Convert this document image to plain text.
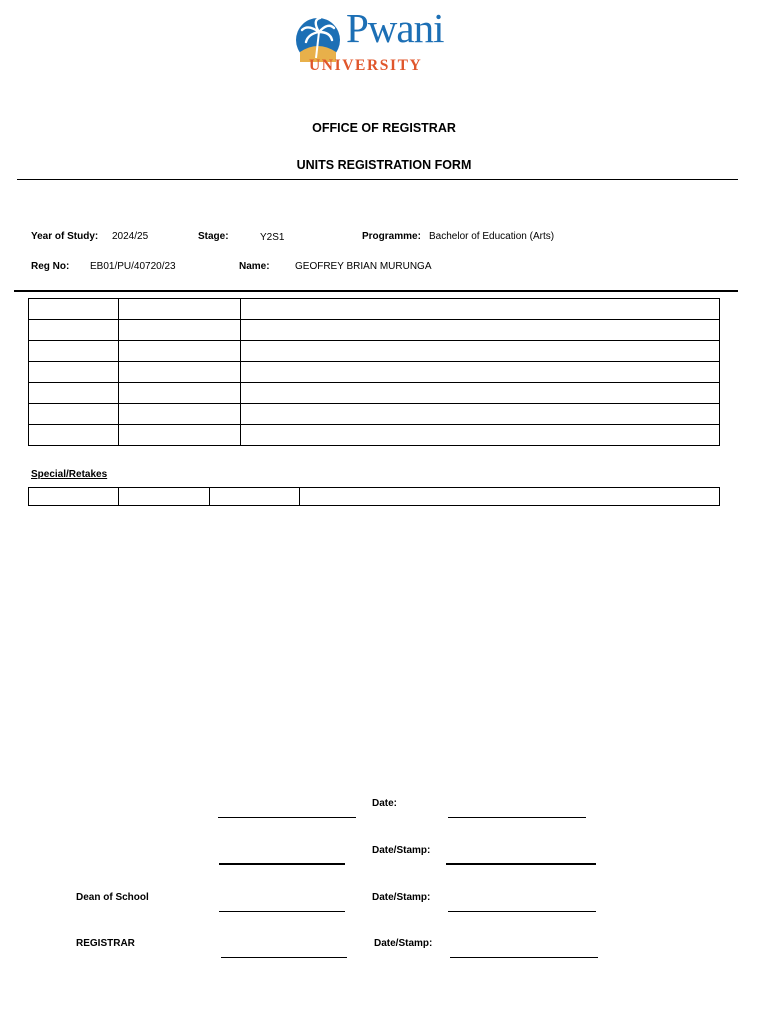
Pwani
UNIVERSITY
OFFICE OF REGISTRAR
UNITS REGISTRATION FORM
Year of Study: 2024/25	Stage:	Y2S1	Programme: Bachelor of Education (Arts)
Reg No: EB01/PU/40720/23	Name:	GEOFREY BRIAN MURUNGA

Special/Retakes

Date:
Date/Stamp:
Dean of School	Date/Stamp:
REGISTRAR	Date/Stamp:
